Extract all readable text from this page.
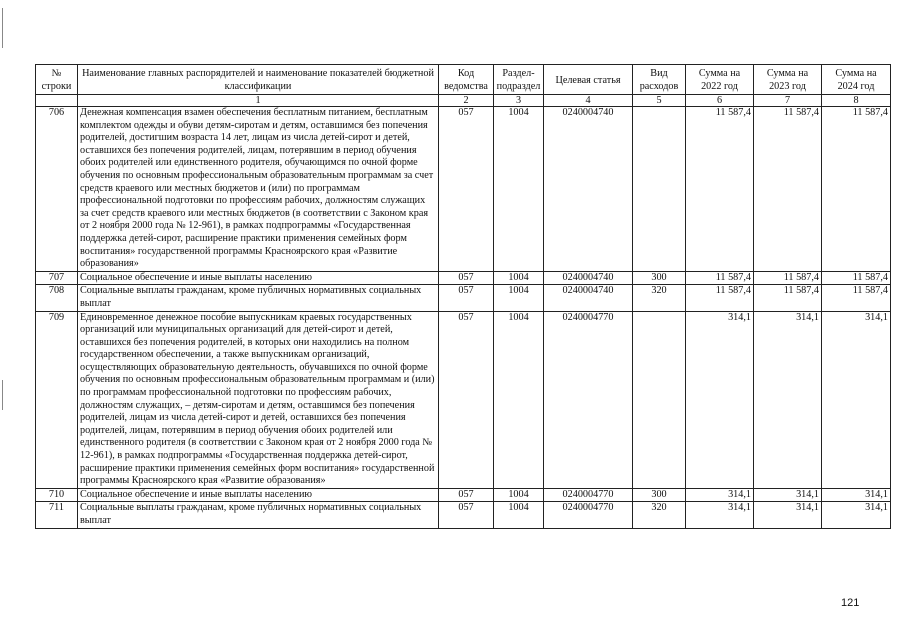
№ строки	Наименование главных распорядителей и наименование показателей бюджетной классификации	Код ведомства	Раздел-подраздел	Целевая статья	Вид расходов	Сумма на 2022 год	Сумма на 2023 год	Сумма на 2024 год
	1	2	3	4	5	6	7	8
706	Денежная компенсация взамен обеспечения бесплатным питанием, бесплатным комплектом одежды и обуви детям-сиротам и детям, оставшимся без попечения родителей, достигшим возраста 14 лет, лицам из числа детей-сирот и детей, оставшихся без попечения родителей, лицам, потерявшим в период обучения обоих родителей или единственного родителя, обучающимся по очной форме обучения по основным профессиональным образовательным программам за счет средств краевого или местных бюджетов и (или) по программам профессиональной подготовки по профессиям рабочих, должностям служащих за счет средств краевого или местных бюджетов (в соответствии с Законом края от 2 ноября 2000 года № 12-961), в рамках подпрограммы «Государственная поддержка детей-сирот, расширение практики применения семейных форм воспитания» государственной программы Красноярского края «Развитие образования»	057	1004	0240004740		11 587,4	11 587,4	11 587,4
707	Социальное обеспечение и иные выплаты населению	057	1004	0240004740	300	11 587,4	11 587,4	11 587,4
708	Социальные выплаты гражданам, кроме публичных нормативных социальных выплат	057	1004	0240004740	320	11 587,4	11 587,4	11 587,4
709	Единовременное денежное пособие выпускникам краевых государственных организаций или муниципальных организаций для детей-сирот и детей, оставшихся без попечения родителей, в которых они находились на полном государственном обеспечении, а также выпускникам организаций, осуществляющих образовательную деятельность, обучавшихся по очной форме обучения по основным профессиональным образовательным программам и (или) по программам профессиональной подготовки по профессиям рабочих, должностям служащих, – детям-сиротам и детям, оставшимся без попечения родителей, лицам из числа детей-сирот и детей, оставшихся без попечения родителей, лицам, потерявшим в период обучения обоих родителей или единственного родителя (в соответствии с Законом края от 2 ноября 2000 года № 12-961), в рамках подпрограммы «Государственная поддержка детей-сирот, расширение практики применения семейных форм воспитания» государственной программы Красноярского края «Развитие образования»	057	1004	0240004770		314,1	314,1	314,1
710	Социальное обеспечение и иные выплаты населению	057	1004	0240004770	300	314,1	314,1	314,1
711	Социальные выплаты гражданам, кроме публичных нормативных социальных выплат	057	1004	0240004770	320	314,1	314,1	314,1
121
